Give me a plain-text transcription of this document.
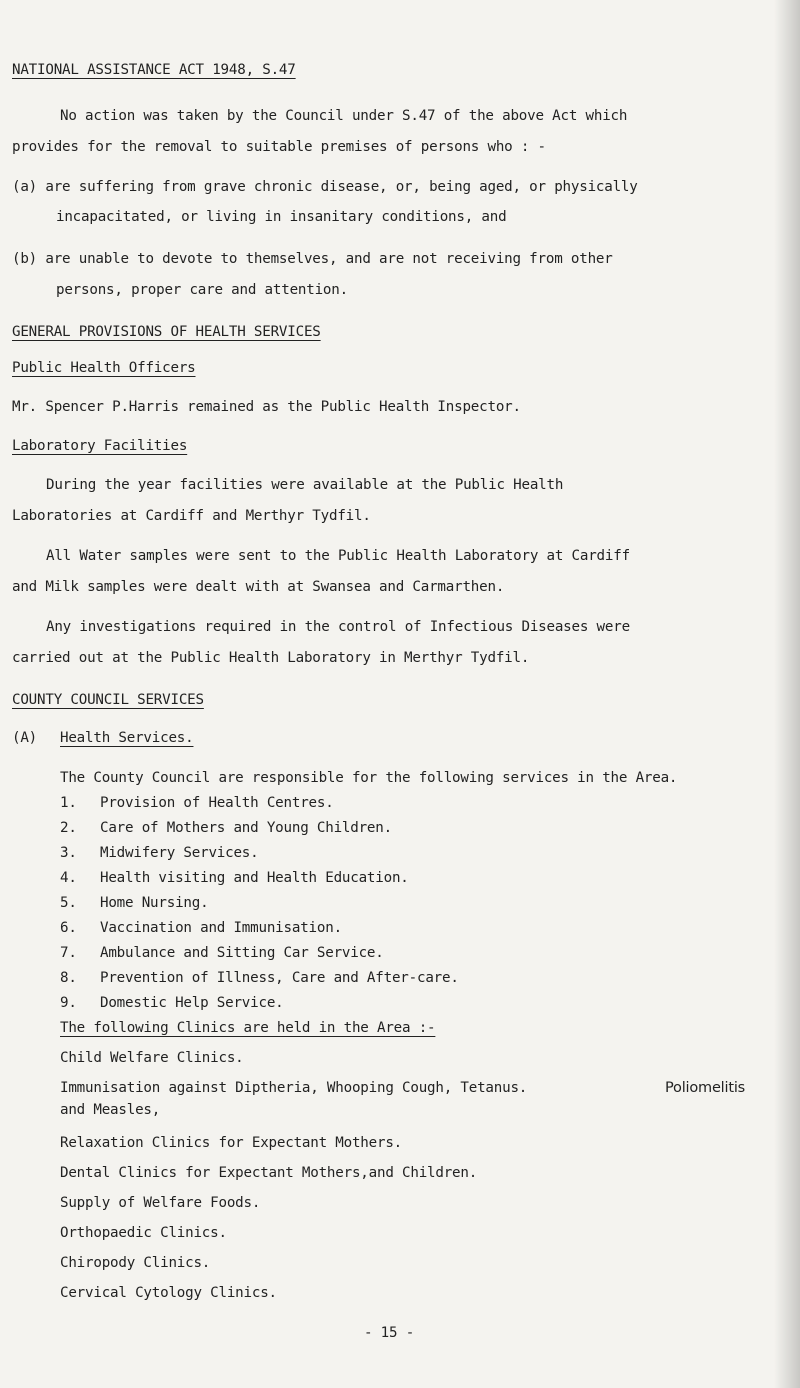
NATIONAL ASSISTANCE ACT 1948, S.47
No action was taken by the Council under S.47 of the above Act which
provides for the removal to suitable premises of persons who : -
(a) are suffering from grave chronic disease, or, being aged, or physically
incapacitated, or living in insanitary conditions, and
(b) are unable to devote to themselves, and are not receiving from other
persons, proper care and attention.
GENERAL PROVISIONS OF HEALTH SERVICES
Public Health Officers
Mr. Spencer P.Harris remained as the Public Health Inspector.
Laboratory Facilities
During the year facilities were available at the Public Health
Laboratories at Cardiff and Merthyr Tydfil.
All Water samples were sent to the Public Health Laboratory at Cardiff
and Milk samples were dealt with at Swansea and Carmarthen.
Any investigations required in the control of Infectious Diseases were
carried out at the Public Health Laboratory in Merthyr Tydfil.
COUNTY COUNCIL SERVICES
(A) Health Services.
The County Council are responsible for the following services in the Area.
1. Provision of Health Centres.
2. Care of Mothers and Young Children.
3. Midwifery Services.
4. Health visiting and Health Education.
5. Home Nursing.
6. Vaccination and Immunisation.
7. Ambulance and Sitting Car Service.
8. Prevention of Illness, Care and After-care.
9. Domestic Help Service.
The following Clinics are held in the Area :-
Child Welfare Clinics.
Immunisation against Diptheria, Whooping Cough, Tetanus.	Poliomelitis
and Measles,
Relaxation Clinics for Expectant Mothers.
Dental Clinics for Expectant Mothers,and Children.
Supply of Welfare Foods.
Orthopaedic Clinics.
Chiropody Clinics.
Cervical Cytology Clinics.
- 15 -
